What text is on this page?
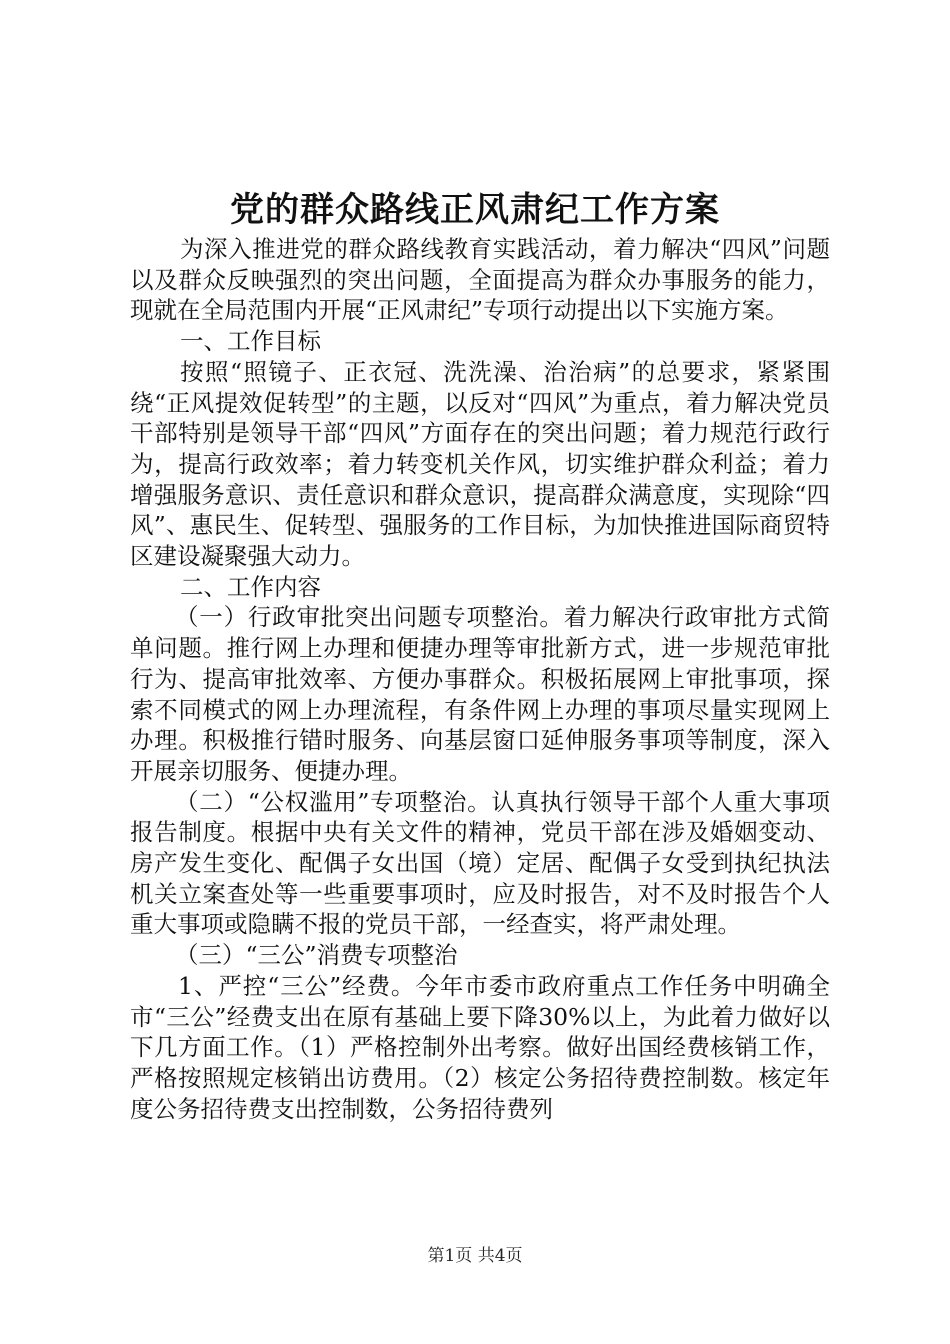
党的群众路线正风肃纪工作方案

为深入推进党的群众路线教育实践活动，着力解决“四风”问题以及群众反映强烈的突出问题，全面提高为群众办事服务的能力，现就在全局范围内开展“正风肃纪”专项行动提出以下实施方案。

一、工作目标

按照“照镜子、正衣冠、洗洗澡、治治病”的总要求，紧紧围绕“正风提效促转型”的主题，以反对“四风”为重点，着力解决党员干部特别是领导干部“四风”方面存在的突出问题；着力规范行政行为，提高行政效率；着力转变机关作风，切实维护群众利益；着力增强服务意识、责任意识和群众意识，提高群众满意度，实现除“四风”、惠民生、促转型、强服务的工作目标，为加快推进国际商贸特区建设凝聚强大动力。

二、工作内容

（一）行政审批突出问题专项整治。着力解决行政审批方式简单问题。推行网上办理和便捷办理等审批新方式，进一步规范审批行为、提高审批效率、方便办事群众。积极拓展网上审批事项，探索不同模式的网上办理流程，有条件网上办理的事项尽量实现网上办理。积极推行错时服务、向基层窗口延伸服务事项等制度，深入开展亲切服务、便捷办理。

（二）“公权滥用”专项整治。认真执行领导干部个人重大事项报告制度。根据中央有关文件的精神，党员干部在涉及婚姻变动、房产发生变化、配偶子女出国（境）定居、配偶子女受到执纪执法机关立案查处等一些重要事项时，应及时报告，对不及时报告个人重大事项或隐瞒不报的党员干部，一经查实，将严肃处理。

（三）“三公”消费专项整治

1、严控“三公”经费。今年市委市政府重点工作任务中明确全市“三公”经费支出在原有基础上要下降30%以上，为此着力做好以下几方面工作。（1）严格控制外出考察。做好出国经费核销工作，严格按照规定核销出访费用。（2）核定公务招待费控制数。核定年度公务招待费支出控制数，公务招待费列

第1页 共4页
